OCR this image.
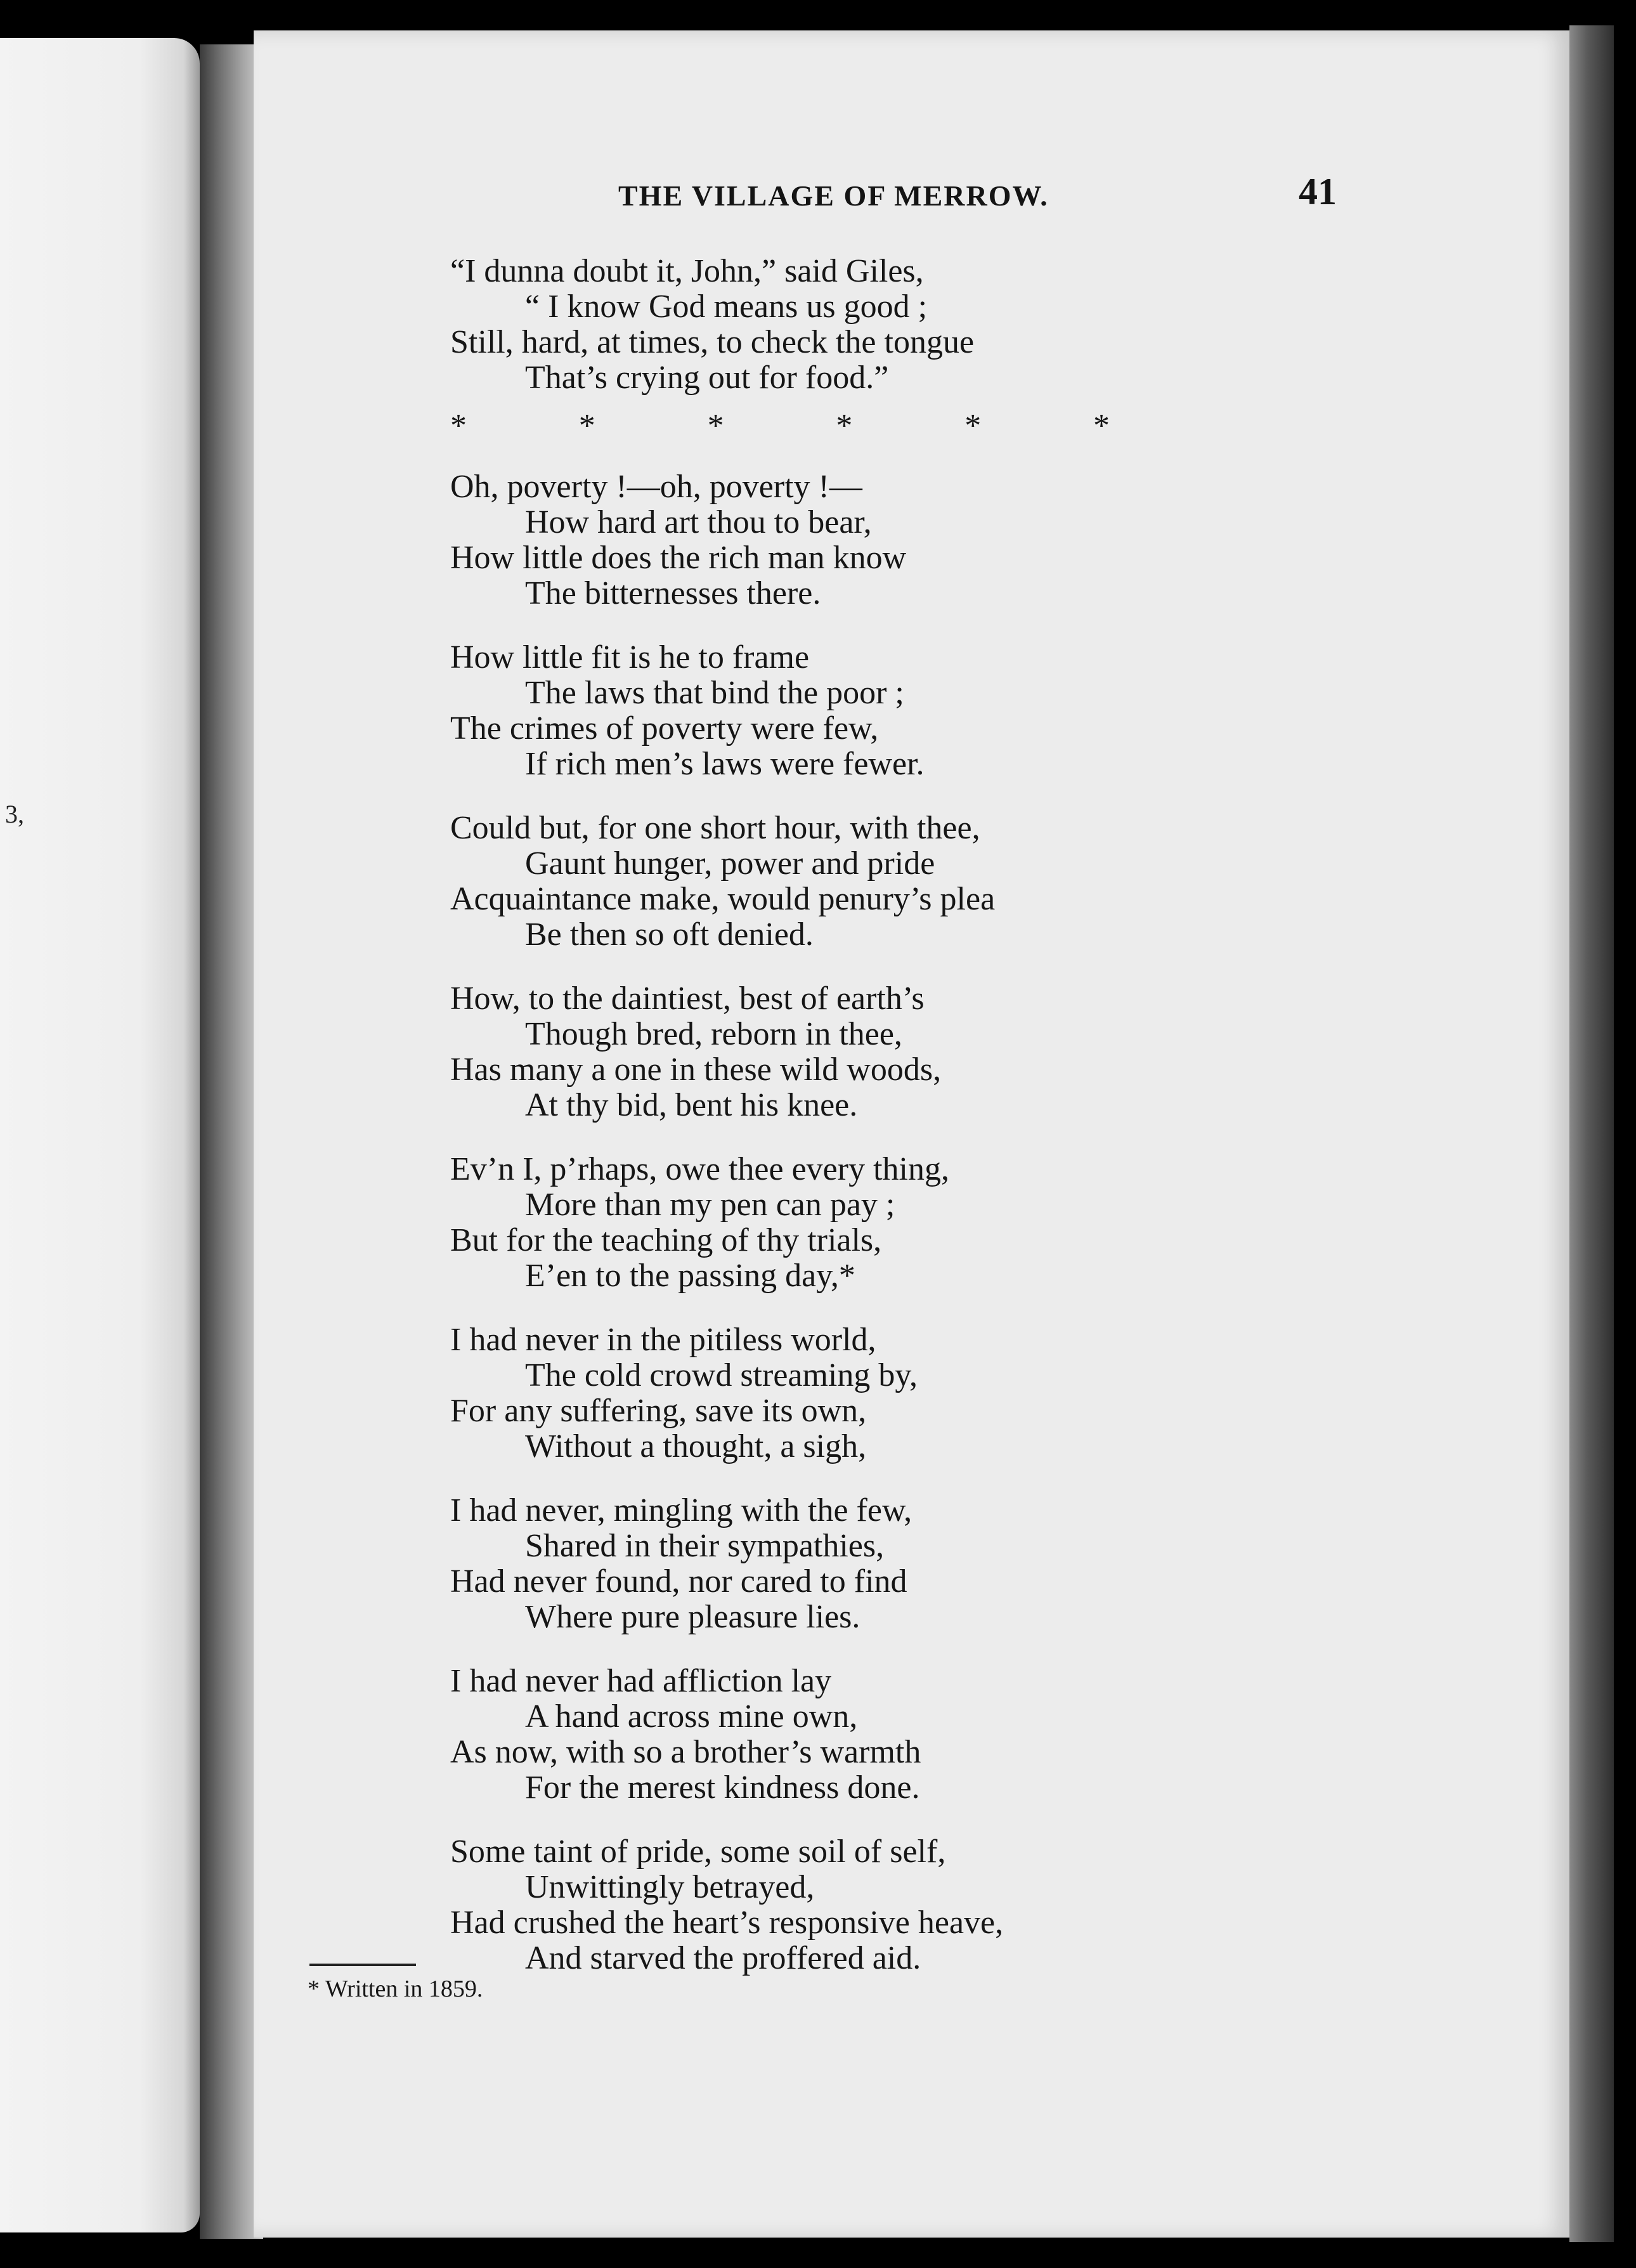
3,
THE VILLAGE OF MERROW.	41
“I dunna doubt it, John,” said Giles,
“ I know God means us good ;
Still, hard, at times, to check the tongue
That’s crying out for food.”
*	*	*	*	*	*
Oh, poverty !—oh, poverty !—
How hard art thou to bear,
How little does the rich man know
The bitternesses there.
How little fit is he to frame
The laws that bind the poor ;
The crimes of poverty were few,
If rich men’s laws were fewer.
Could but, for one short hour, with thee,
Gaunt hunger, power and pride
Acquaintance make, would penury’s plea
Be then so oft denied.
How, to the daintiest, best of earth’s
Though bred, reborn in thee,
Has many a one in these wild woods,
At thy bid, bent his knee.
Ev’n I, p’rhaps, owe thee every thing,
More than my pen can pay ;
But for the teaching of thy trials,
E’en to the passing day,*
I had never in the pitiless world,
The cold crowd streaming by,
For any suffering, save its own,
Without a thought, a sigh,
I had never, mingling with the few,
Shared in their sympathies,
Had never found, nor cared to find
Where pure pleasure lies.
I had never had affliction lay
A hand across mine own,
As now, with so a brother’s warmth
For the merest kindness done.
Some taint of pride, some soil of self,
Unwittingly betrayed,
Had crushed the heart’s responsive heave,
And starved the proffered aid.
* Written in 1859.
